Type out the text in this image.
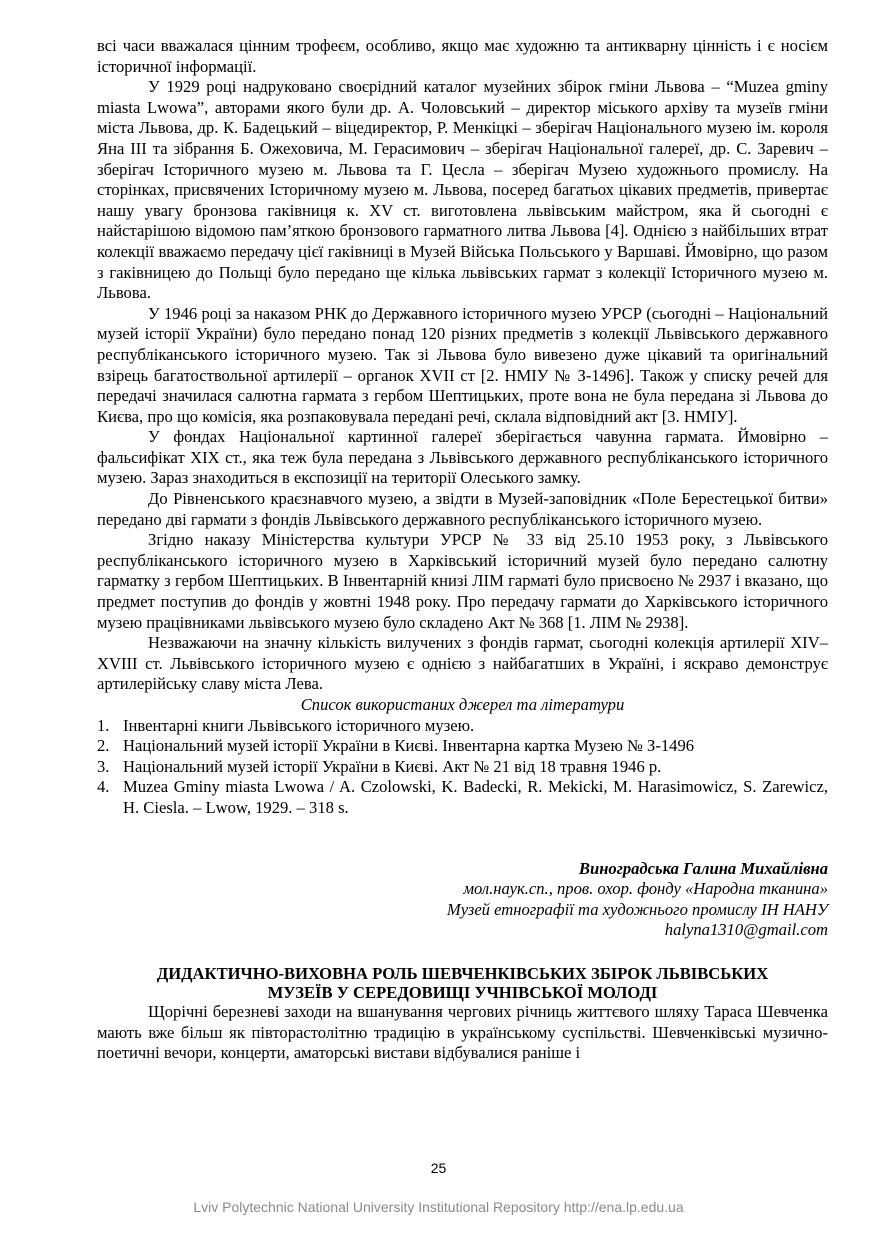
всі часи вважалася цінним трофеєм, особливо, якщо має художню та антикварну цінність і є носієм історичної інформації.

У 1929 році надруковано своєрідний каталог музейних збірок гміни Львова – “Muzea gminy miasta Lwowa”, авторами якого були др. А. Чоловський – директор міського архіву та музеїв гміни міста Львова, др. К. Бадецький – віцедиректор, Р. Менкіцкі – зберігач Національного музею ім. короля Яна ІІІ та зібрання Б. Ожеховича, М. Герасимович – зберігач Національної галереї, др. С. Заревич – зберігач Історичного музею м. Львова та Г. Цесла – зберігач Музею художнього промислу. На сторінках, присвячених Історичному музею м. Львова, посеред багатьох цікавих предметів, привертає нашу увагу бронзова гаківниця к. XV ст. виготовлена львівським майстром, яка й сьогодні є найстарішою відомою пам’яткою бронзового гарматного литва Львова [4]. Однією з найбільших втрат колекції вважаємо передачу цієї гаківниці в Музей Війська Польського у Варшаві. Ймовірно, що разом з гаківницею до Польщі було передано ще кілька львівських гармат з колекції Історичного музею м. Львова.

У 1946 році за наказом РНК до Державного історичного музею УРСР (сьогодні – Національний музей історії України) було передано понад 120 різних предметів з колекції Львівського державного республіканського історичного музею. Так зі Львова було вивезено дуже цікавий та оригінальний взірець багатоствольної артилерії – органок XVII ст [2. НМІУ № З-1496]. Також у списку речей для передачі значилася салютна гармата з гербом Шептицьких, проте вона не була передана зі Львова до Києва, про що комісія, яка розпаковувала передані речі, склала відповідний акт [3. НМІУ].

У фондах Національної картинної галереї зберігається чавунна гармата. Ймовірно – фальсифікат XIX ст., яка теж була передана з Львівського державного республіканського історичного музею. Зараз знаходиться в експозиції на території Олеського замку.

До Рівненського краєзнавчого музею, а звідти в Музей-заповідник «Поле Берестецької битви» передано дві гармати з фондів Львівського державного республіканського історичного музею.

Згідно наказу Міністерства культури УРСР № 33 від 25.10 1953 року, з Львівського республіканського історичного музею в Харківський історичний музей було передано салютну гарматку з гербом Шептицьких. В Інвентарній книзі ЛІМ гарматі було присвоєно № 2937 і вказано, що предмет поступив до фондів у жовтні 1948 року. Про передачу гармати до Харківського історичного музею працівниками львівського музею було складено Акт № 368 [1. ЛІМ № 2938].

Незважаючи на значну кількість вилучених з фондів гармат, сьогодні колекція артилерії XIV–XVIII ст. Львівського історичного музею є однією з найбагатших в Україні, і яскраво демонструє артилерійську славу міста Лева.

Список використаних джерел та літератури
1. Інвентарні книги Львівського історичного музею.
2. Національний музей історії України в Києві. Інвентарна картка Музею № З-1496
3. Національний музей історії України в Києві. Акт № 21 від 18 травня 1946 р.
4. Muzea Gminy miasta Lwowa / A. Czolowski, K. Badecki, R. Mekicki, M. Harasimowicz, S. Zarewicz, H. Ciesla. – Lwow, 1929. – 318 s.
Виноградська Галина Михайлівна
мол.наук.сп., пров. охор. фонду «Народна тканина»
Музей етнографії та художнього промислу ІН НАНУ
halyna1310@gmail.com
ДИДАКТИЧНО-ВИХОВНА РОЛЬ ШЕВЧЕНКІВСЬКИХ ЗБІРОК ЛЬВІВСЬКИХ
МУЗЕЇВ У СЕРЕДОВИЩІ УЧНІВСЬКОЇ МОЛОДІ

Щорічні березневі заходи на вшанування чергових річниць життєвого шляху Тараса Шевченка мають вже більш як півторастолітню традицію в українському суспільстві. Шевченківські музично-поетичні вечори, концерти, аматорські вистави відбувалися раніше і

25
Lviv Polytechnic National University Institutional Repository http://ena.lp.edu.ua
